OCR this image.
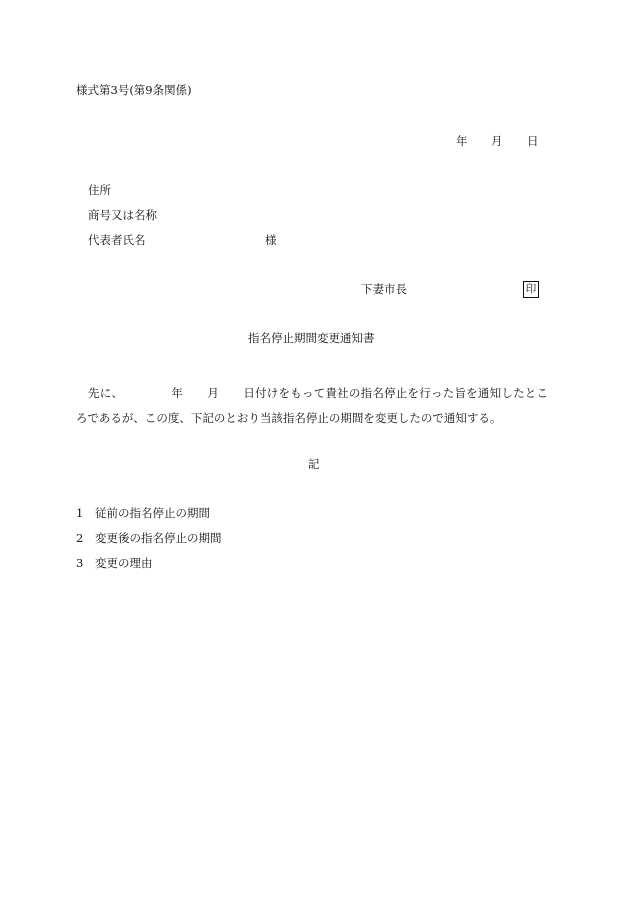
様式第3号(第9条関係)
年 月 日
住所
商号又は名称
代表者氏名	様
下妻市長	印
指名停止期間変更通知書
先に、	年 月 日付けをもって貴社の指名停止を行った旨を通知したところであるが、この度、下記のとおり当該指名停止の期間を変更したので通知する。
記
1 従前の指名停止の期間
2 変更後の指名停止の期間
3 変更の理由
